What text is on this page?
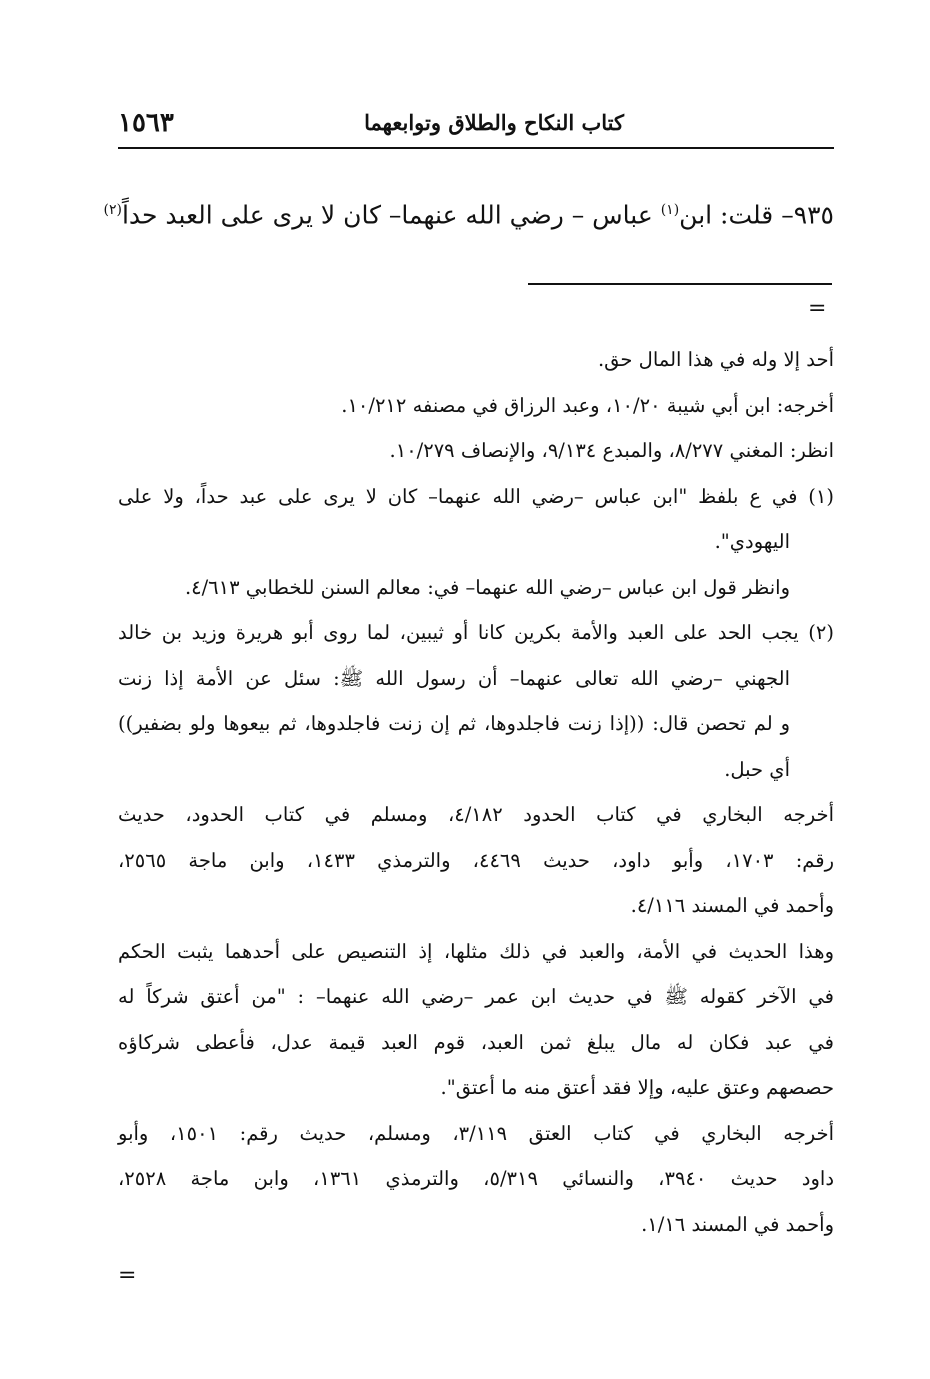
كتاب النكاح والطلاق وتوابعهما
١٥٦٣
٩٣٥– قلت: ابن$^{(١)}$ عباس – رضي الله عنهما– كان لا يرى على العبد حداً$^{(٢)}$
=
أحد إلا وله في هذا المال حق.
أخرجه: ابن أبي شيبة ١٠/٢٠، وعبد الرزاق في مصنفه ١٠/٢١٢.
انظر: المغني ٨/٢٧٧، والمبدع ٩/١٣٤، والإنصاف ١٠/٢٧٩.
(١) في ع بلفظ "ابن عباس –رضي الله عنهما– كان لا يرى على عبد حداً، ولا على
اليهودي".
وانظر قول ابن عباس –رضي الله عنهما– في: معالم السنن للخطابي ٤/٦١٣.
(٢) يجب الحد على العبد والأمة بكرين كانا أو ثيبين، لما روى أبو هريرة وزيد بن خالد
الجهني –رضي الله تعالى عنهما– أن رسول الله ﷺ: سئل عن الأمة إذا زنت
و لم تحصن قال: ((إذا زنت فاجلدوها، ثم إن زنت فاجلدوها، ثم بيعوها ولو بضفير))
أي حبل.
أخرجه البخاري في كتاب الحدود ٤/١٨٢، ومسلم في كتاب الحدود، حديث
رقم: ١٧٠٣، وأبو داود، حديث ٤٤٦٩، والترمذي ١٤٣٣، وابن ماجة ٢٥٦٥،
وأحمد في المسند ٤/١١٦.
وهذا الحديث في الأمة، والعبد في ذلك مثلها، إذ التنصيص على أحدهما يثبت الحكم
في الآخر كقوله ﷺ في حديث ابن عمر –رضي الله عنهما– : "من أعتق شركاً له
في عبد فكان له مال يبلغ ثمن العبد، قوم العبد قيمة عدل، فأعطى شركاؤه
حصصهم وعتق عليه، وإلا فقد أعتق منه ما أعتق".
أخرجه البخاري في كتاب العتق ٣/١١٩، ومسلم، حديث رقم: ١٥٠١، وأبو
داود حديث ٣٩٤٠، والنسائي ٥/٣١٩، والترمذي ١٣٦١، وابن ماجة ٢٥٢٨،
وأحمد في المسند ١/١٦.
=
